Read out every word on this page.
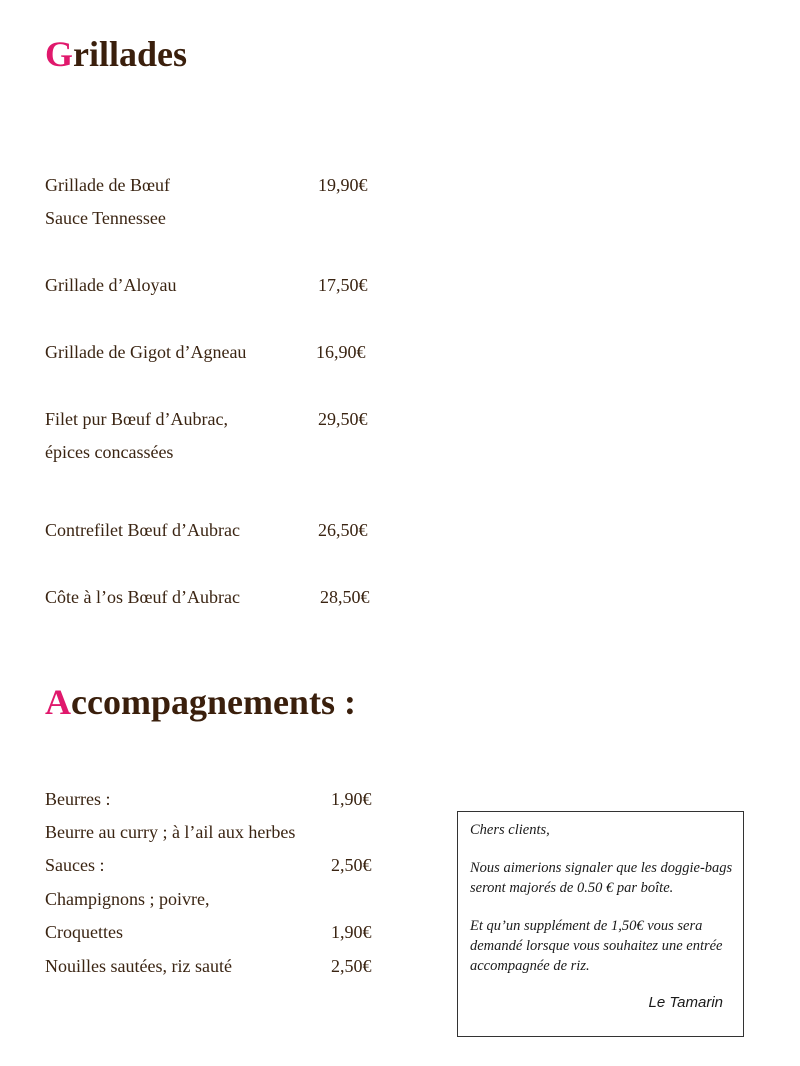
Grillades
Grillade de Bœuf	19,90€
Sauce Tennessee
Grillade d’Aloyau	17,50€
Grillade de Gigot d’Agneau	16,90€
Filet pur Bœuf d’Aubrac,	29,50€
épices concassées
Contrefilet Bœuf d’Aubrac	26,50€
Côte à l’os Bœuf d’Aubrac	28,50€
Accompagnements :
Beurres :	1,90€
Beurre au curry ; à l’ail aux herbes
Sauces :	2,50€
Champignons ; poivre,
Croquettes	1,90€
Nouilles sautées, riz sauté	2,50€

Chers clients,

Nous aimerions signaler que les doggie-bags seront majorés de 0.50 € par boîte.

Et qu’un supplément de 1,50€ vous sera demandé lorsque vous souhaitez une entrée accompagnée de riz.

Le Tamarin
